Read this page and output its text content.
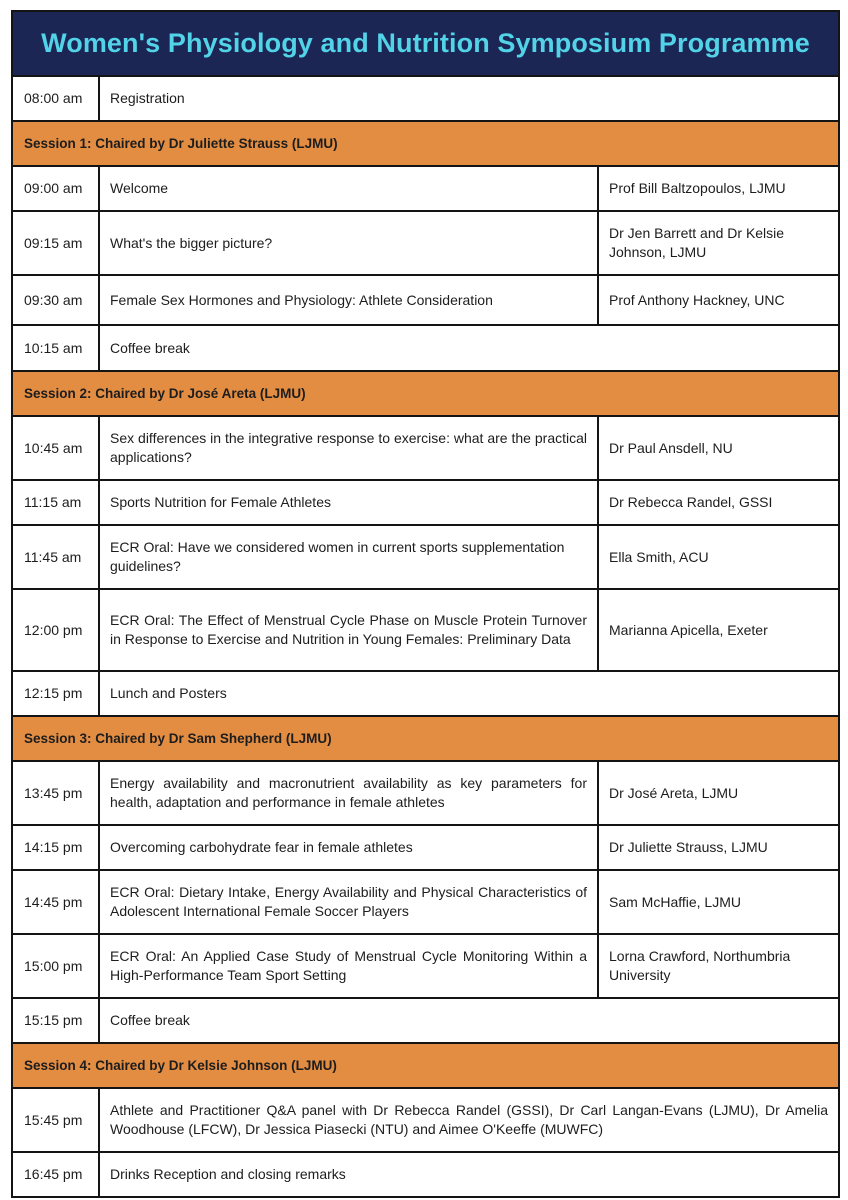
Women's Physiology and Nutrition Symposium Programme		
08:00 am	Registration	
Session 1: Chaired by Dr Juliette Strauss (LJMU)		
09:00 am	Welcome	Prof Bill Baltzopoulos, LJMU
09:15 am	What's the bigger picture?	Dr Jen Barrett and Dr Kelsie Johnson, LJMU
09:30 am	Female Sex Hormones and Physiology: Athlete Consideration	Prof Anthony Hackney, UNC
10:15 am	Coffee break	
Session 2: Chaired by Dr José Areta (LJMU)		
10:45 am	Sex differences in the integrative response to exercise: what are the practical applications?	Dr Paul Ansdell, NU
11:15 am	Sports Nutrition for Female Athletes	Dr Rebecca Randel, GSSI
11:45 am	ECR Oral: Have we considered women in current sports supplementation guidelines?	Ella Smith, ACU
12:00 pm	ECR Oral: The Effect of Menstrual Cycle Phase on Muscle Protein Turnover in Response to Exercise and Nutrition in Young Females: Preliminary Data	Marianna Apicella, Exeter
12:15 pm	Lunch and Posters	
Session 3: Chaired by Dr Sam Shepherd (LJMU)		
13:45 pm	Energy availability and macronutrient availability as key parameters for health, adaptation and performance in female athletes	Dr José Areta, LJMU
14:15 pm	Overcoming carbohydrate fear in female athletes	Dr Juliette Strauss, LJMU
14:45 pm	ECR Oral: Dietary Intake, Energy Availability and Physical Characteristics of Adolescent International Female Soccer Players	Sam McHaffie, LJMU
15:00 pm	ECR Oral: An Applied Case Study of Menstrual Cycle Monitoring Within a High-Performance Team Sport Setting	Lorna Crawford, Northumbria University
15:15 pm	Coffee break	
Session 4: Chaired by Dr Kelsie Johnson (LJMU)		
15:45 pm	Athlete and Practitioner Q&A panel with Dr Rebecca Randel (GSSI), Dr Carl Langan-Evans (LJMU), Dr Amelia Woodhouse (LFCW), Dr Jessica Piasecki (NTU) and Aimee O'Keeffe (MUWFC)	
16:45 pm	Drinks Reception and closing remarks	
